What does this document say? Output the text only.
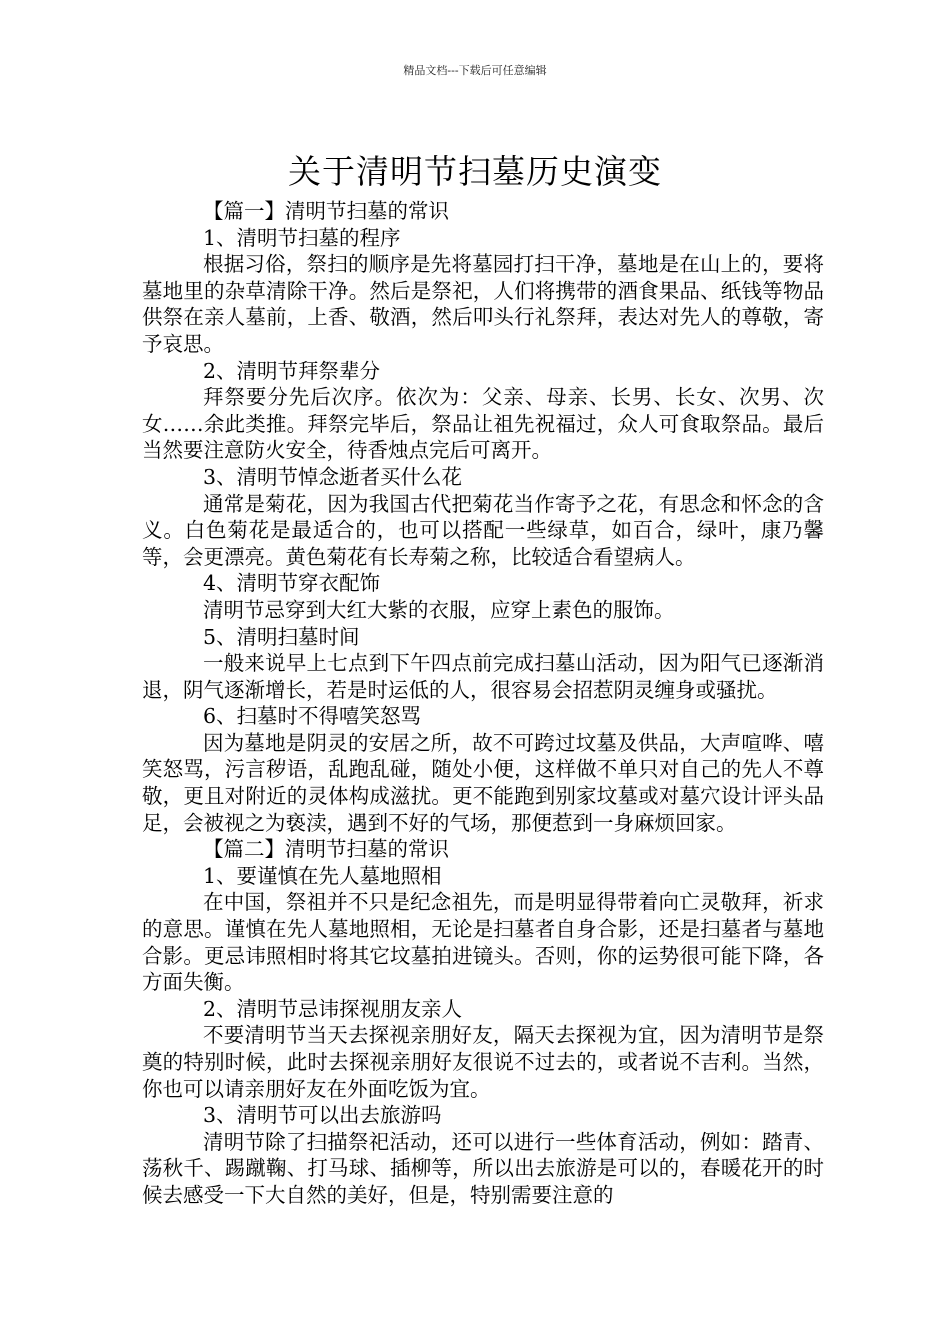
精品文档---下载后可任意编辑
关于清明节扫墓历史演变

【篇一】清明节扫墓的常识

1、清明节扫墓的程序

根据习俗，祭扫的顺序是先将墓园打扫干净，墓地是在山上的，要将墓地里的杂草清除干净。然后是祭祀，人们将携带的酒食果品、纸钱等物品供祭在亲人墓前，上香、敬酒，然后叩头行礼祭拜，表达对先人的尊敬，寄予哀思。

2、清明节拜祭辈分

拜祭要分先后次序。依次为：父亲、母亲、长男、长女、次男、次女……余此类推。拜祭完毕后，祭品让祖先祝福过，众人可食取祭品。最后当然要注意防火安全，待香烛点完后可离开。

3、清明节悼念逝者买什么花

通常是菊花，因为我国古代把菊花当作寄予之花，有思念和怀念的含义。白色菊花是最适合的，也可以搭配一些绿草，如百合，绿叶，康乃馨等，会更漂亮。黄色菊花有长寿菊之称，比较适合看望病人。

4、清明节穿衣配饰

清明节忌穿到大红大紫的衣服，应穿上素色的服饰。

5、清明扫墓时间

一般来说早上七点到下午四点前完成扫墓山活动，因为阳气已逐渐消退，阴气逐渐增长，若是时运低的人，很容易会招惹阴灵缠身或骚扰。

6、扫墓时不得嘻笑怒骂

因为墓地是阴灵的安居之所，故不可跨过坟墓及供品，大声喧哗、嘻笑怒骂，污言秽语，乱跑乱碰，随处小便，这样做不单只对自己的先人不尊敬，更且对附近的灵体构成滋扰。更不能跑到别家坟墓或对墓穴设计评头品足，会被视之为亵渎，遇到不好的气场，那便惹到一身麻烦回家。

【篇二】清明节扫墓的常识

1、要谨慎在先人墓地照相

在中国，祭祖并不只是纪念祖先，而是明显得带着向亡灵敬拜，祈求的意思。谨慎在先人墓地照相，无论是扫墓者自身合影，还是扫墓者与墓地合影。更忌讳照相时将其它坟墓拍进镜头。否则，你的运势很可能下降，各方面失衡。

2、清明节忌讳探视朋友亲人

不要清明节当天去探视亲朋好友，隔天去探视为宜，因为清明节是祭奠的特别时候，此时去探视亲朋好友很说不过去的，或者说不吉利。当然，你也可以请亲朋好友在外面吃饭为宜。

3、清明节可以出去旅游吗

清明节除了扫描祭祀活动，还可以进行一些体育活动，例如：踏青、荡秋千、踢蹴鞠、打马球、插柳等，所以出去旅游是可以的，春暖花开的时候去感受一下大自然的美好，但是，特别需要注意的
